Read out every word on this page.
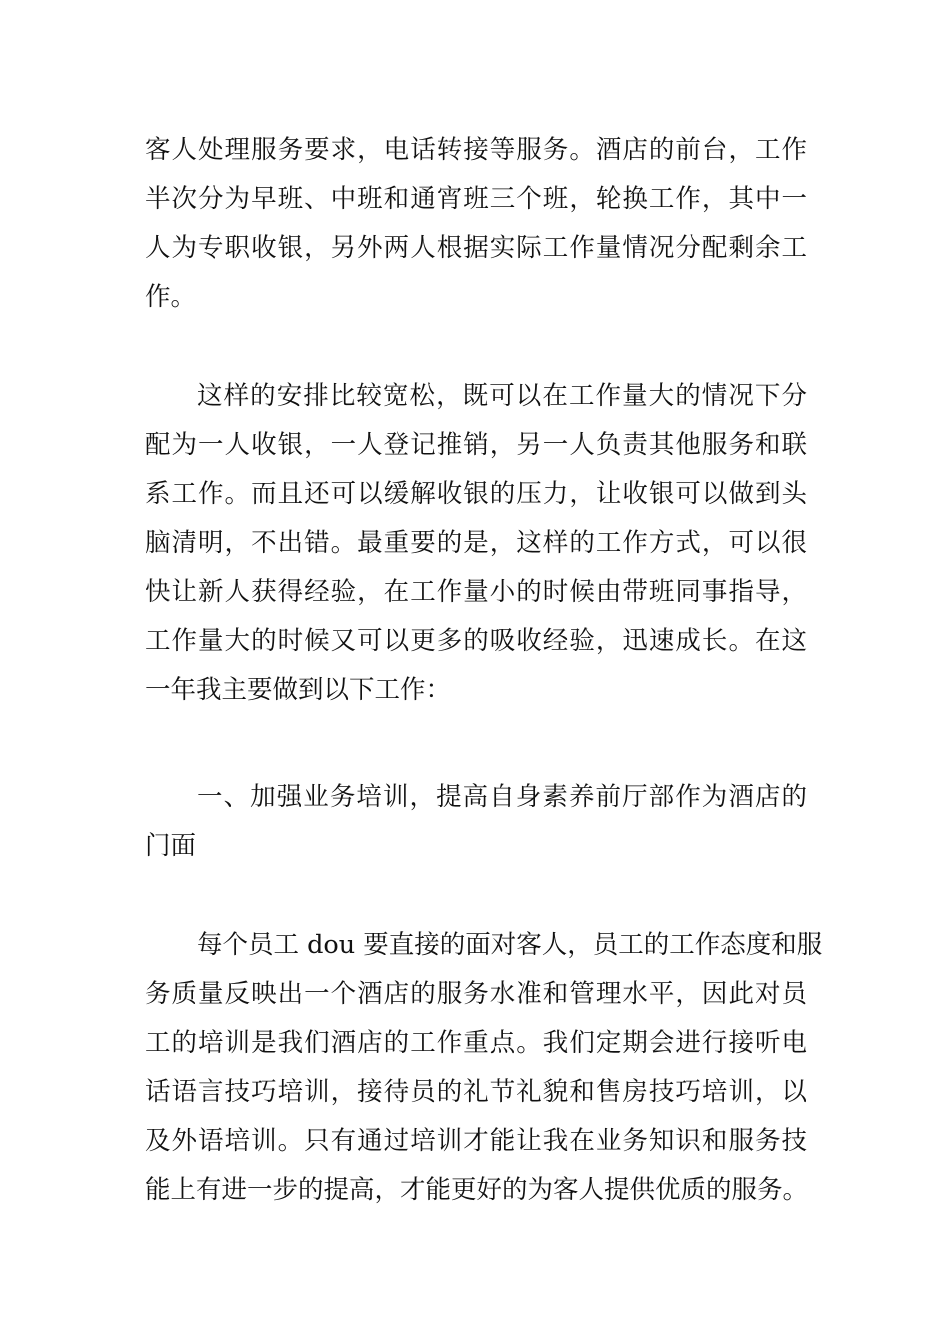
客人处理服务要求，电话转接等服务。酒店的前台，工作
半次分为早班、中班和通宵班三个班，轮换工作，其中一
人为专职收银，另外两人根据实际工作量情况分配剩余工
作。
这样的安排比较宽松，既可以在工作量大的情况下分
配为一人收银，一人登记推销，另一人负责其他服务和联
系工作。而且还可以缓解收银的压力，让收银可以做到头
脑清明，不出错。最重要的是，这样的工作方式，可以很
快让新人获得经验，在工作量小的时候由带班同事指导，
工作量大的时候又可以更多的吸收经验，迅速成长。在这
一年我主要做到以下工作：
一、加强业务培训，提高自身素养前厅部作为酒店的
门面
每个员工 dou 要直接的面对客人，员工的工作态度和服
务质量反映出一个酒店的服务水准和管理水平，因此对员
工的培训是我们酒店的工作重点。我们定期会进行接听电
话语言技巧培训，接待员的礼节礼貌和售房技巧培训，以
及外语培训。只有通过培训才能让我在业务知识和服务技
能上有进一步的提高，才能更好的为客人提供优质的服务。
